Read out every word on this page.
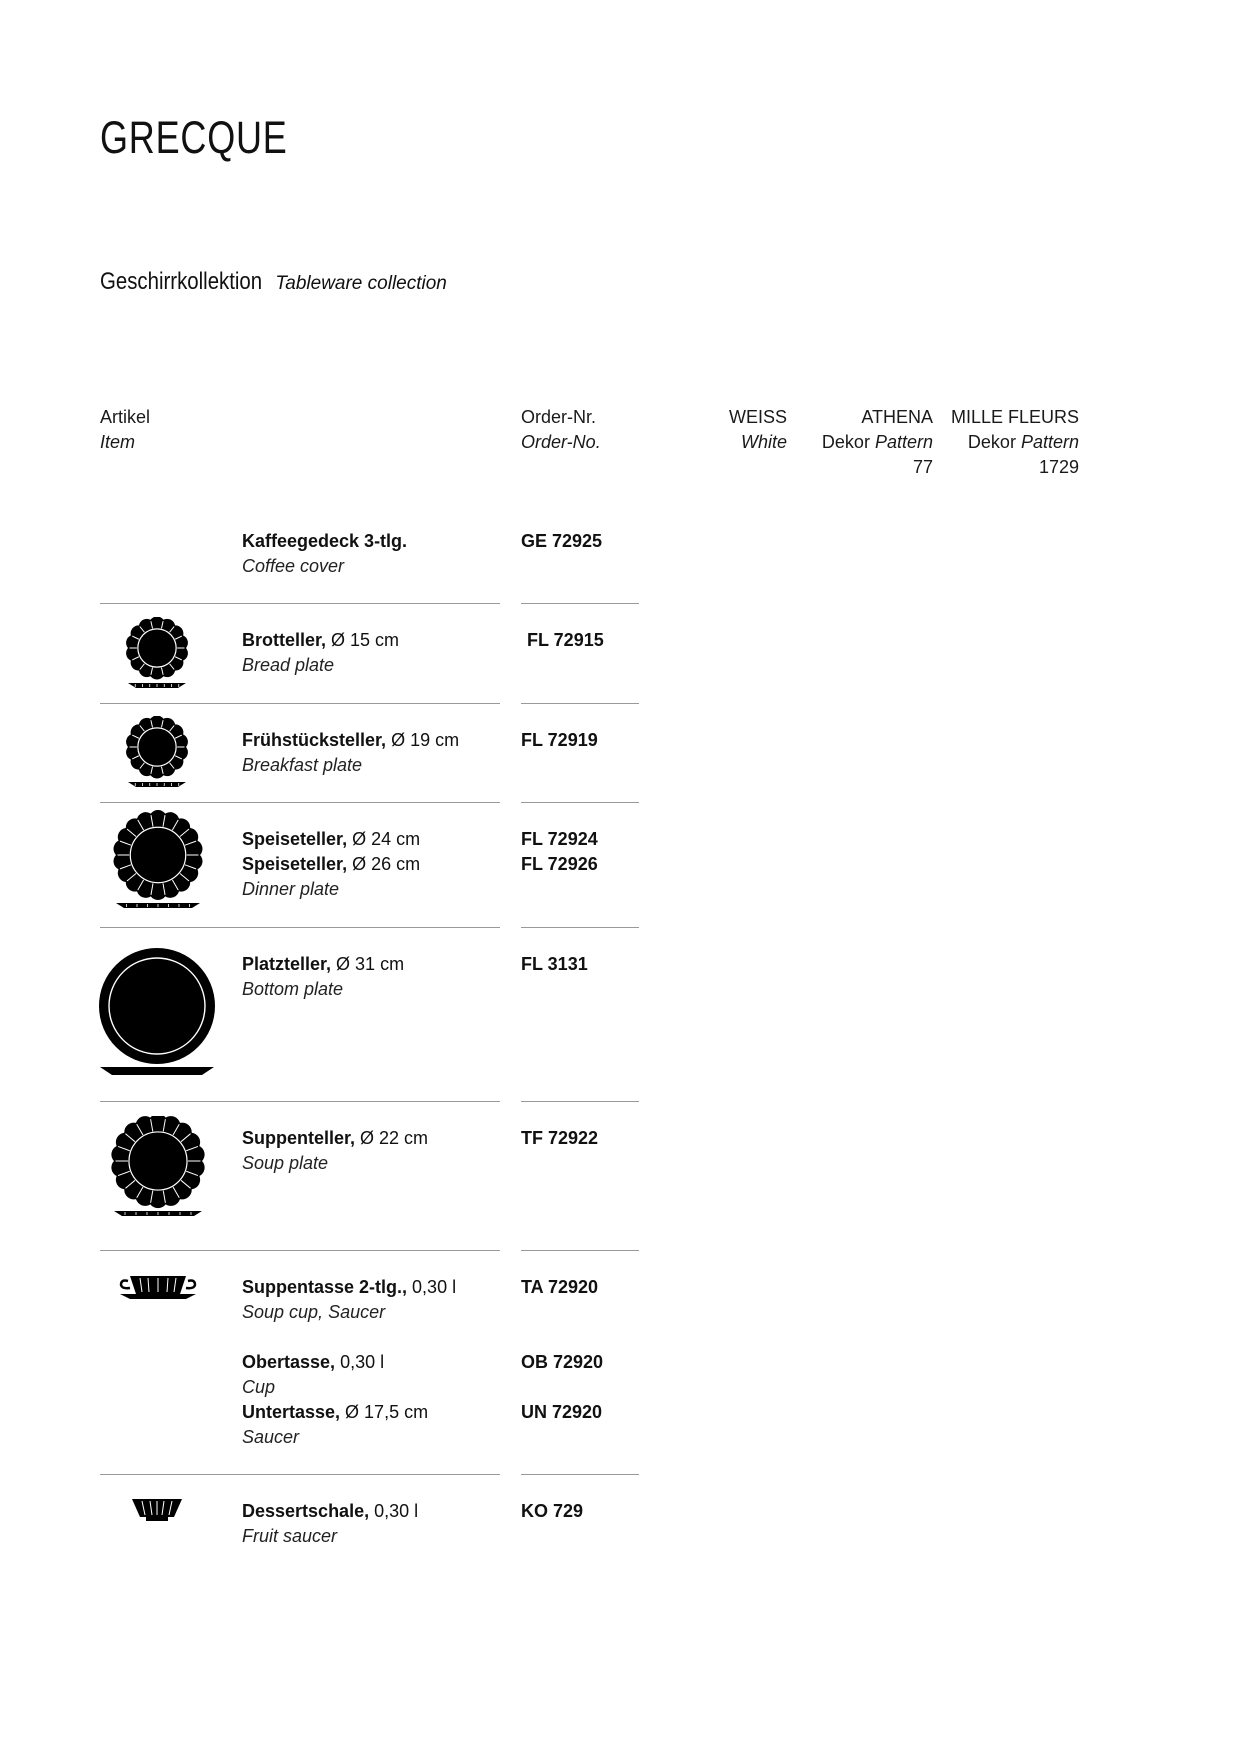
GRECQUE
Geschirrkollektion Tableware collection
Artikel
Item
Order-Nr.
Order-No.
WEISS
White
ATHENA
Dekor Pattern
77
MILLE FLEURS
Dekor Pattern
1729
Kaffeegedeck 3-tlg.
Coffee cover
GE 72925
Brotteller, Ø 15 cm
Bread plate
FL 72915
Frühstücksteller, Ø 19 cm
Breakfast plate
FL 72919
Speiseteller, Ø 24 cm
Speiseteller, Ø 26 cm
Dinner plate
FL 72924
FL 72926
Platzteller, Ø 31 cm
Bottom plate
FL 3131
Suppenteller, Ø 22 cm
Soup plate
TF 72922
Suppentasse 2-tlg., 0,30 l
Soup cup, Saucer
TA 72920
Obertasse, 0,30 l
Cup
Untertasse, Ø 17,5 cm
Saucer
OB 72920
UN 72920
Dessertschale, 0,30 l
Fruit saucer
KO 729
